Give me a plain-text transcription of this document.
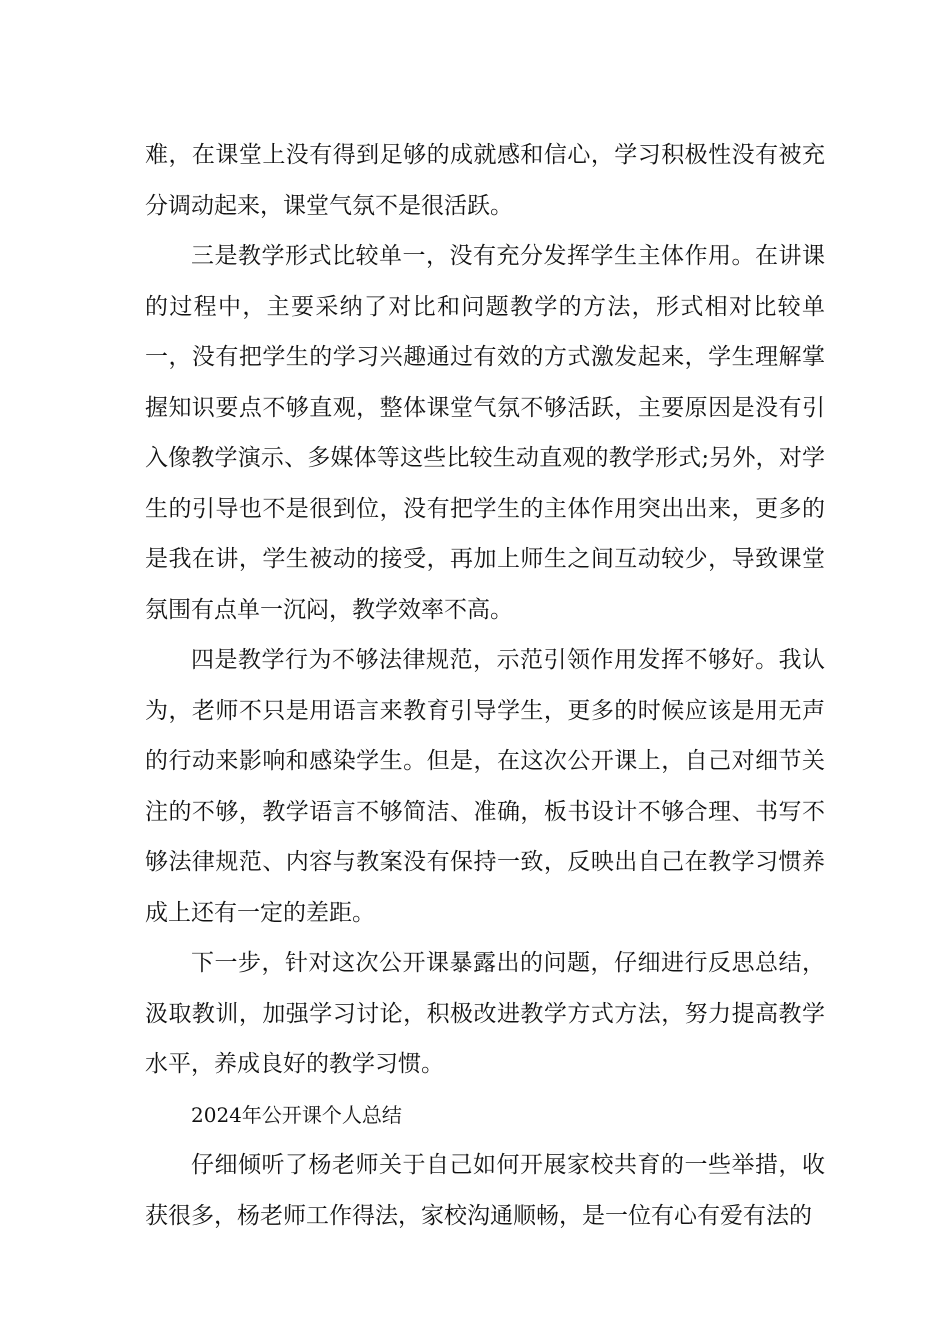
难，在课堂上没有得到足够的成就感和信心，学习积极性没有被充分调动起来，课堂气氛不是很活跃。

三是教学形式比较单一，没有充分发挥学生主体作用。在讲课的过程中，主要采纳了对比和问题教学的方法，形式相对比较单一，没有把学生的学习兴趣通过有效的方式激发起来，学生理解掌握知识要点不够直观，整体课堂气氛不够活跃，主要原因是没有引入像教学演示、多媒体等这些比较生动直观的教学形式;另外，对学生的引导也不是很到位，没有把学生的主体作用突出出来，更多的是我在讲，学生被动的接受，再加上师生之间互动较少，导致课堂氛围有点单一沉闷，教学效率不高。

四是教学行为不够法律规范，示范引领作用发挥不够好。我认为，老师不只是用语言来教育引导学生，更多的时候应该是用无声的行动来影响和感染学生。但是，在这次公开课上，自己对细节关注的不够，教学语言不够简洁、准确，板书设计不够合理、书写不够法律规范、内容与教案没有保持一致，反映出自己在教学习惯养成上还有一定的差距。

下一步，针对这次公开课暴露出的问题，仔细进行反思总结，汲取教训，加强学习讨论，积极改进教学方式方法，努力提高教学水平，养成良好的教学习惯。

2024年公开课个人总结

仔细倾听了杨老师关于自己如何开展家校共育的一些举措，收获很多，杨老师工作得法，家校沟通顺畅，是一位有心有爱有法的
